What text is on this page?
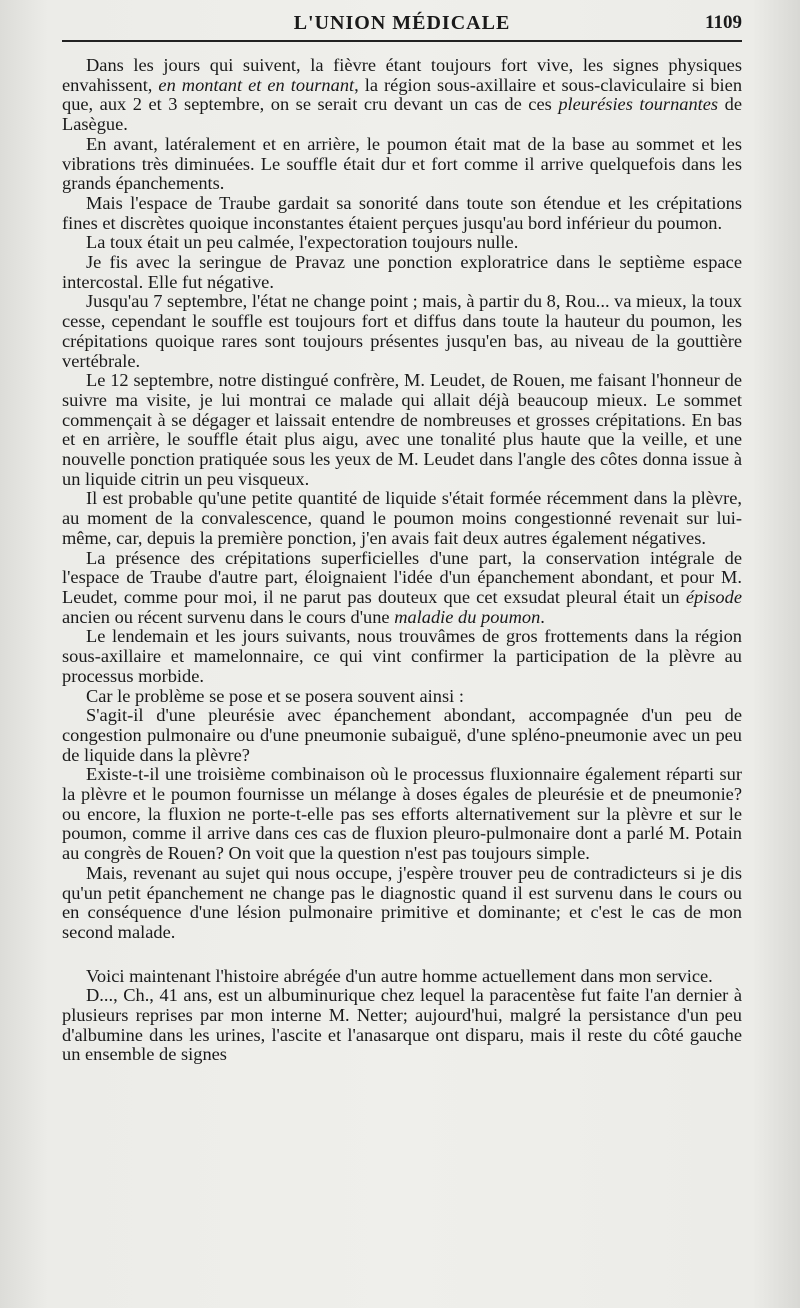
L'UNION MÉDICALE	1109

Dans les jours qui suivent, la fièvre étant toujours fort vive, les signes physiques envahissent, en montant et en tournant, la région sous-axillaire et sous-claviculaire si bien que, aux 2 et 3 septembre, on se serait cru devant un cas de ces pleurésies tournantes de Lasègue.

En avant, latéralement et en arrière, le poumon était mat de la base au sommet et les vibrations très diminuées. Le souffle était dur et fort comme il arrive quelquefois dans les grands épanchements.

Mais l'espace de Traube gardait sa sonorité dans toute son étendue et les crépitations fines et discrètes quoique inconstantes étaient perçues jusqu'au bord inférieur du poumon.

La toux était un peu calmée, l'expectoration toujours nulle.

Je fis avec la seringue de Pravaz une ponction exploratrice dans le septième espace intercostal. Elle fut négative.

Jusqu'au 7 septembre, l'état ne change point ; mais, à partir du 8, Rou... va mieux, la toux cesse, cependant le souffle est toujours fort et diffus dans toute la hauteur du poumon, les crépitations quoique rares sont toujours présentes jusqu'en bas, au niveau de la gouttière vertébrale.

Le 12 septembre, notre distingué confrère, M. Leudet, de Rouen, me faisant l'honneur de suivre ma visite, je lui montrai ce malade qui allait déjà beaucoup mieux. Le sommet commençait à se dégager et laissait entendre de nombreuses et grosses crépitations. En bas et en arrière, le souffle était plus aigu, avec une tonalité plus haute que la veille, et une nouvelle ponction pratiquée sous les yeux de M. Leudet dans l'angle des côtes donna issue à un liquide citrin un peu visqueux.

Il est probable qu'une petite quantité de liquide s'était formée récemment dans la plèvre, au moment de la convalescence, quand le poumon moins congestionné revenait sur lui-même, car, depuis la première ponction, j'en avais fait deux autres également négatives.

La présence des crépitations superficielles d'une part, la conservation intégrale de l'espace de Traube d'autre part, éloignaient l'idée d'un épanchement abondant, et pour M. Leudet, comme pour moi, il ne parut pas douteux que cet exsudat pleural était un épisode ancien ou récent survenu dans le cours d'une maladie du poumon.

Le lendemain et les jours suivants, nous trouvâmes de gros frottements dans la région sous-axillaire et mamelonnaire, ce qui vint confirmer la participation de la plèvre au processus morbide.

Car le problème se pose et se posera souvent ainsi :

S'agit-il d'une pleurésie avec épanchement abondant, accompagnée d'un peu de congestion pulmonaire ou d'une pneumonie subaiguë, d'une spléno-pneumonie avec un peu de liquide dans la plèvre?

Existe-t-il une troisième combinaison où le processus fluxionnaire également réparti sur la plèvre et le poumon fournisse un mélange à doses égales de pleurésie et de pneumonie? ou encore, la fluxion ne porte-t-elle pas ses efforts alternativement sur la plèvre et sur le poumon, comme il arrive dans ces cas de fluxion pleuro-pulmonaire dont a parlé M. Potain au congrès de Rouen? On voit que la question n'est pas toujours simple.

Mais, revenant au sujet qui nous occupe, j'espère trouver peu de contradicteurs si je dis qu'un petit épanchement ne change pas le diagnostic quand il est survenu dans le cours ou en conséquence d'une lésion pulmonaire primitive et dominante; et c'est le cas de mon second malade.

Voici maintenant l'histoire abrégée d'un autre homme actuellement dans mon service.

D..., Ch., 41 ans, est un albuminurique chez lequel la paracentèse fut faite l'an dernier à plusieurs reprises par mon interne M. Netter; aujourd'hui, malgré la persistance d'un peu d'albumine dans les urines, l'ascite et l'anasarque ont disparu, mais il reste du côté gauche un ensemble de signes
